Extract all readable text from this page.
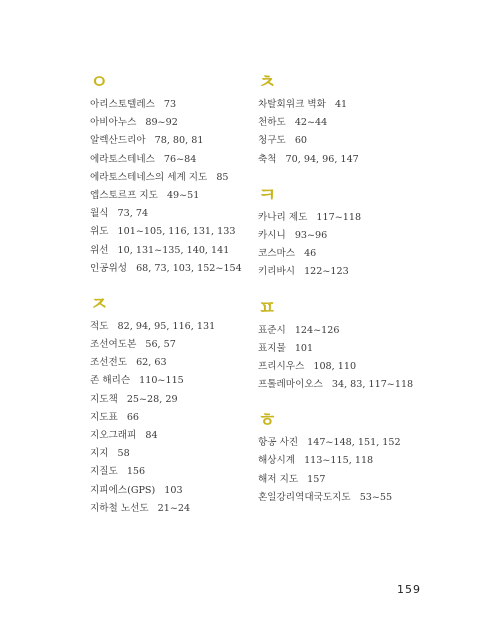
ㅇ
아리스토텔레스 73
아비아누스 89~92
알렉산드리아 78, 80, 81
에라토스테네스 76~84
에라토스테네스의 세계 지도 85
엡스토르프 지도 49~51
월식 73, 74
위도 101~105, 116, 131, 133
위선 10, 131~135, 140, 141
인공위성 68, 73, 103, 152~154
ㅈ
적도 82, 94, 95, 116, 131
조선여도본 56, 57
조선전도 62, 63
존 해리슨 110~115
지도책 25~28, 29
지도표 66
지오그래피 84
지지 58
지질도 156
지피에스(GPS) 103
지하철 노선도 21~24
ㅊ
차탈회위크 벽화 41
천하도 42~44
청구도 60
축척 70, 94, 96, 147
ㅋ
카나리 제도 117~118
카시니 93~96
코스마스 46
키리바시 122~123
ㅍ
표준시 124~126
표지물 101
프리시우스 108, 110
프톨레마이오스 34, 83, 117~118
ㅎ
항공 사진 147~148, 151, 152
해상시계 113~115, 118
해저 지도 157
혼일강리역대국도지도 53~55
159
